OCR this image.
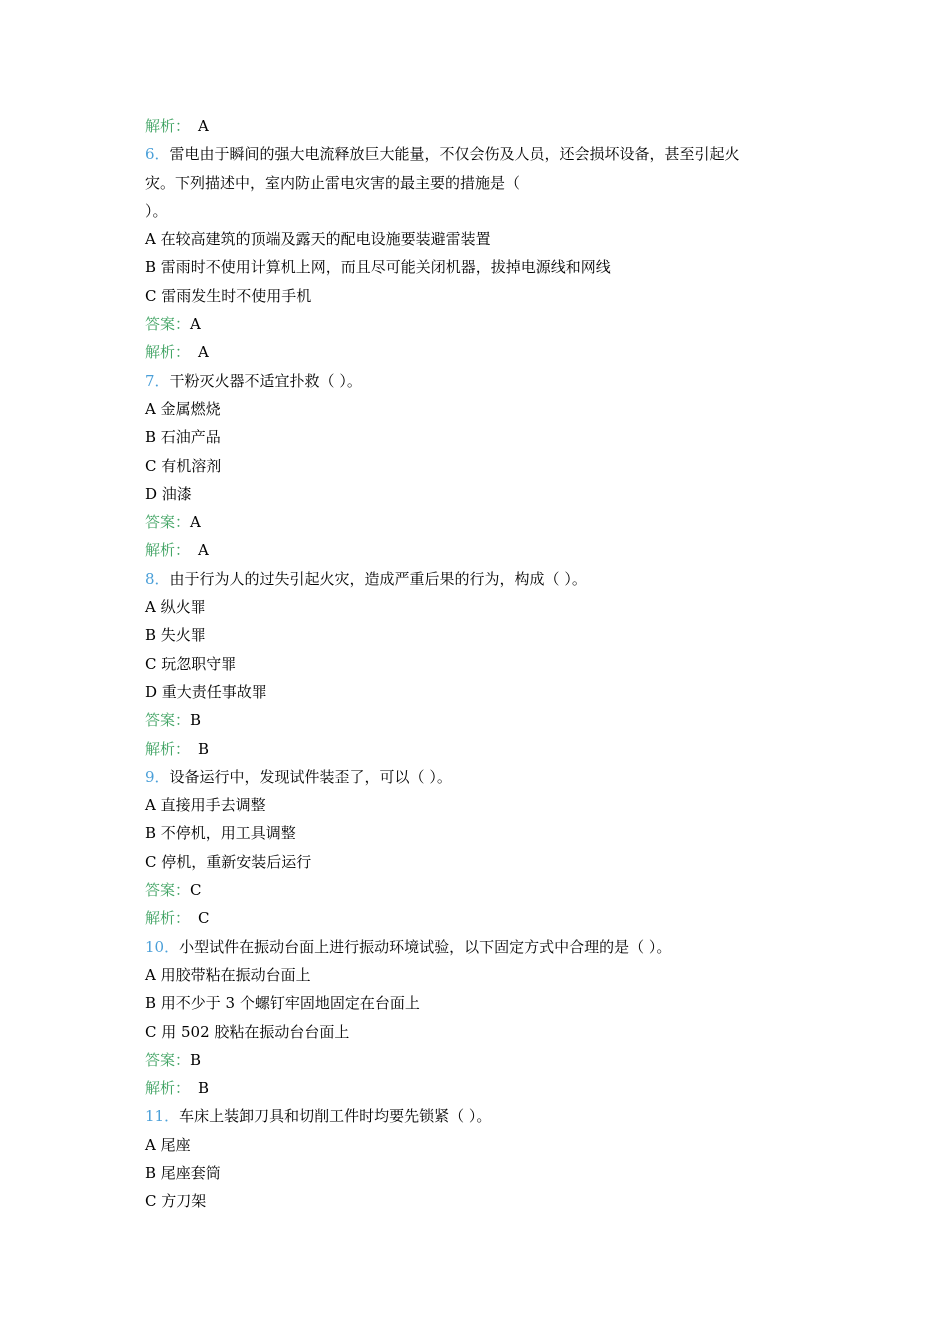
解析： A
6．雷电由于瞬间的强大电流释放巨大能量，不仅会伤及人员，还会损坏设备，甚至引起火
灾。下列描述中，室内防止雷电灾害的最主要的措施是（
）。
A 在较高建筑的顶端及露天的配电设施要装避雷装置
B 雷雨时不使用计算机上网，而且尽可能关闭机器，拔掉电源线和网线
C 雷雨发生时不使用手机
答案：A
解析： A
7．干粉灭火器不适宜扑救（ ）。
A 金属燃烧
B 石油产品
C 有机溶剂
D 油漆
答案：A
解析： A
8．由于行为人的过失引起火灾，造成严重后果的行为，构成（ ）。
A 纵火罪
B 失火罪
C 玩忽职守罪
D 重大责任事故罪
答案：B
解析： B
9．设备运行中，发现试件装歪了，可以（ ）。
A 直接用手去调整
B 不停机，用工具调整
C 停机，重新安装后运行
答案：C
解析： C
10．小型试件在振动台面上进行振动环境试验，以下固定方式中合理的是（ ）。
A 用胶带粘在振动台面上
B 用不少于 3 个螺钉牢固地固定在台面上
C 用 502 胶粘在振动台台面上
答案：B
解析： B
11．车床上装卸刀具和切削工件时均要先锁紧（ ）。
A 尾座
B 尾座套筒
C 方刀架
